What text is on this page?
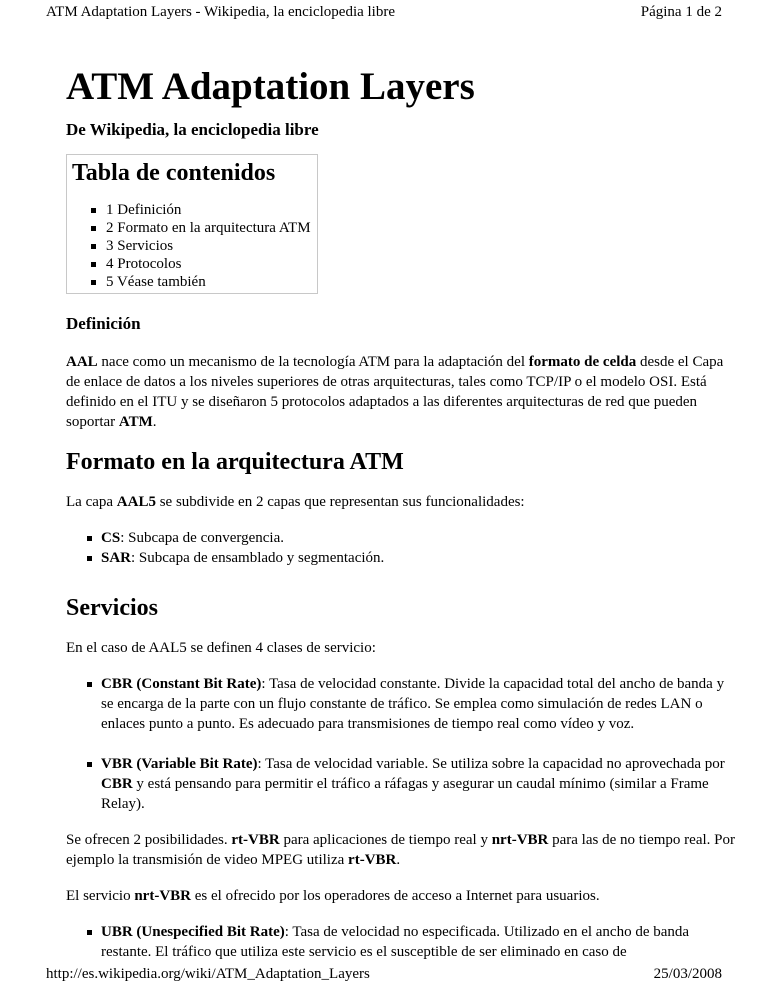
ATM Adaptation Layers - Wikipedia, la enciclopedia libre	Página 1 de 2
ATM Adaptation Layers
De Wikipedia, la enciclopedia libre
Tabla de contenidos
1 Definición
2 Formato en la arquitectura ATM
3 Servicios
4 Protocolos
5 Véase también
Definición

AAL nace como un mecanismo de la tecnología ATM para la adaptación del formato de celda desde el Capa de enlace de datos a los niveles superiores de otras arquitecturas, tales como TCP/IP o el modelo OSI. Está definido en el ITU y se diseñaron 5 protocolos adaptados a las diferentes arquitecturas de red que pueden soportar ATM.

Formato en la arquitectura ATM

La capa AAL5 se subdivide en 2 capas que representan sus funcionalidades:

CS: Subcapa de convergencia.
SAR: Subcapa de ensamblado y segmentación.
Servicios

En el caso de AAL5 se definen 4 clases de servicio:

CBR (Constant Bit Rate): Tasa de velocidad constante. Divide la capacidad total del ancho de banda y se encarga de la parte con un flujo constante de tráfico. Se emplea como simulación de redes LAN o enlaces punto a punto. Es adecuado para transmisiones de tiempo real como vídeo y voz.
VBR (Variable Bit Rate): Tasa de velocidad variable. Se utiliza sobre la capacidad no aprovechada por CBR y está pensando para permitir el tráfico a ráfagas y asegurar un caudal mínimo (similar a Frame Relay).

Se ofrecen 2 posibilidades. rt-VBR para aplicaciones de tiempo real y nrt-VBR para las de no tiempo real. Por ejemplo la transmisión de video MPEG utiliza rt-VBR.

El servicio nrt-VBR es el ofrecido por los operadores de acceso a Internet para usuarios.

UBR (Unespecified Bit Rate): Tasa de velocidad no especificada. Utilizado en el ancho de banda restante. El tráfico que utiliza este servicio es el susceptible de ser eliminado en caso de
http://es.wikipedia.org/wiki/ATM_Adaptation_Layers	25/03/2008
